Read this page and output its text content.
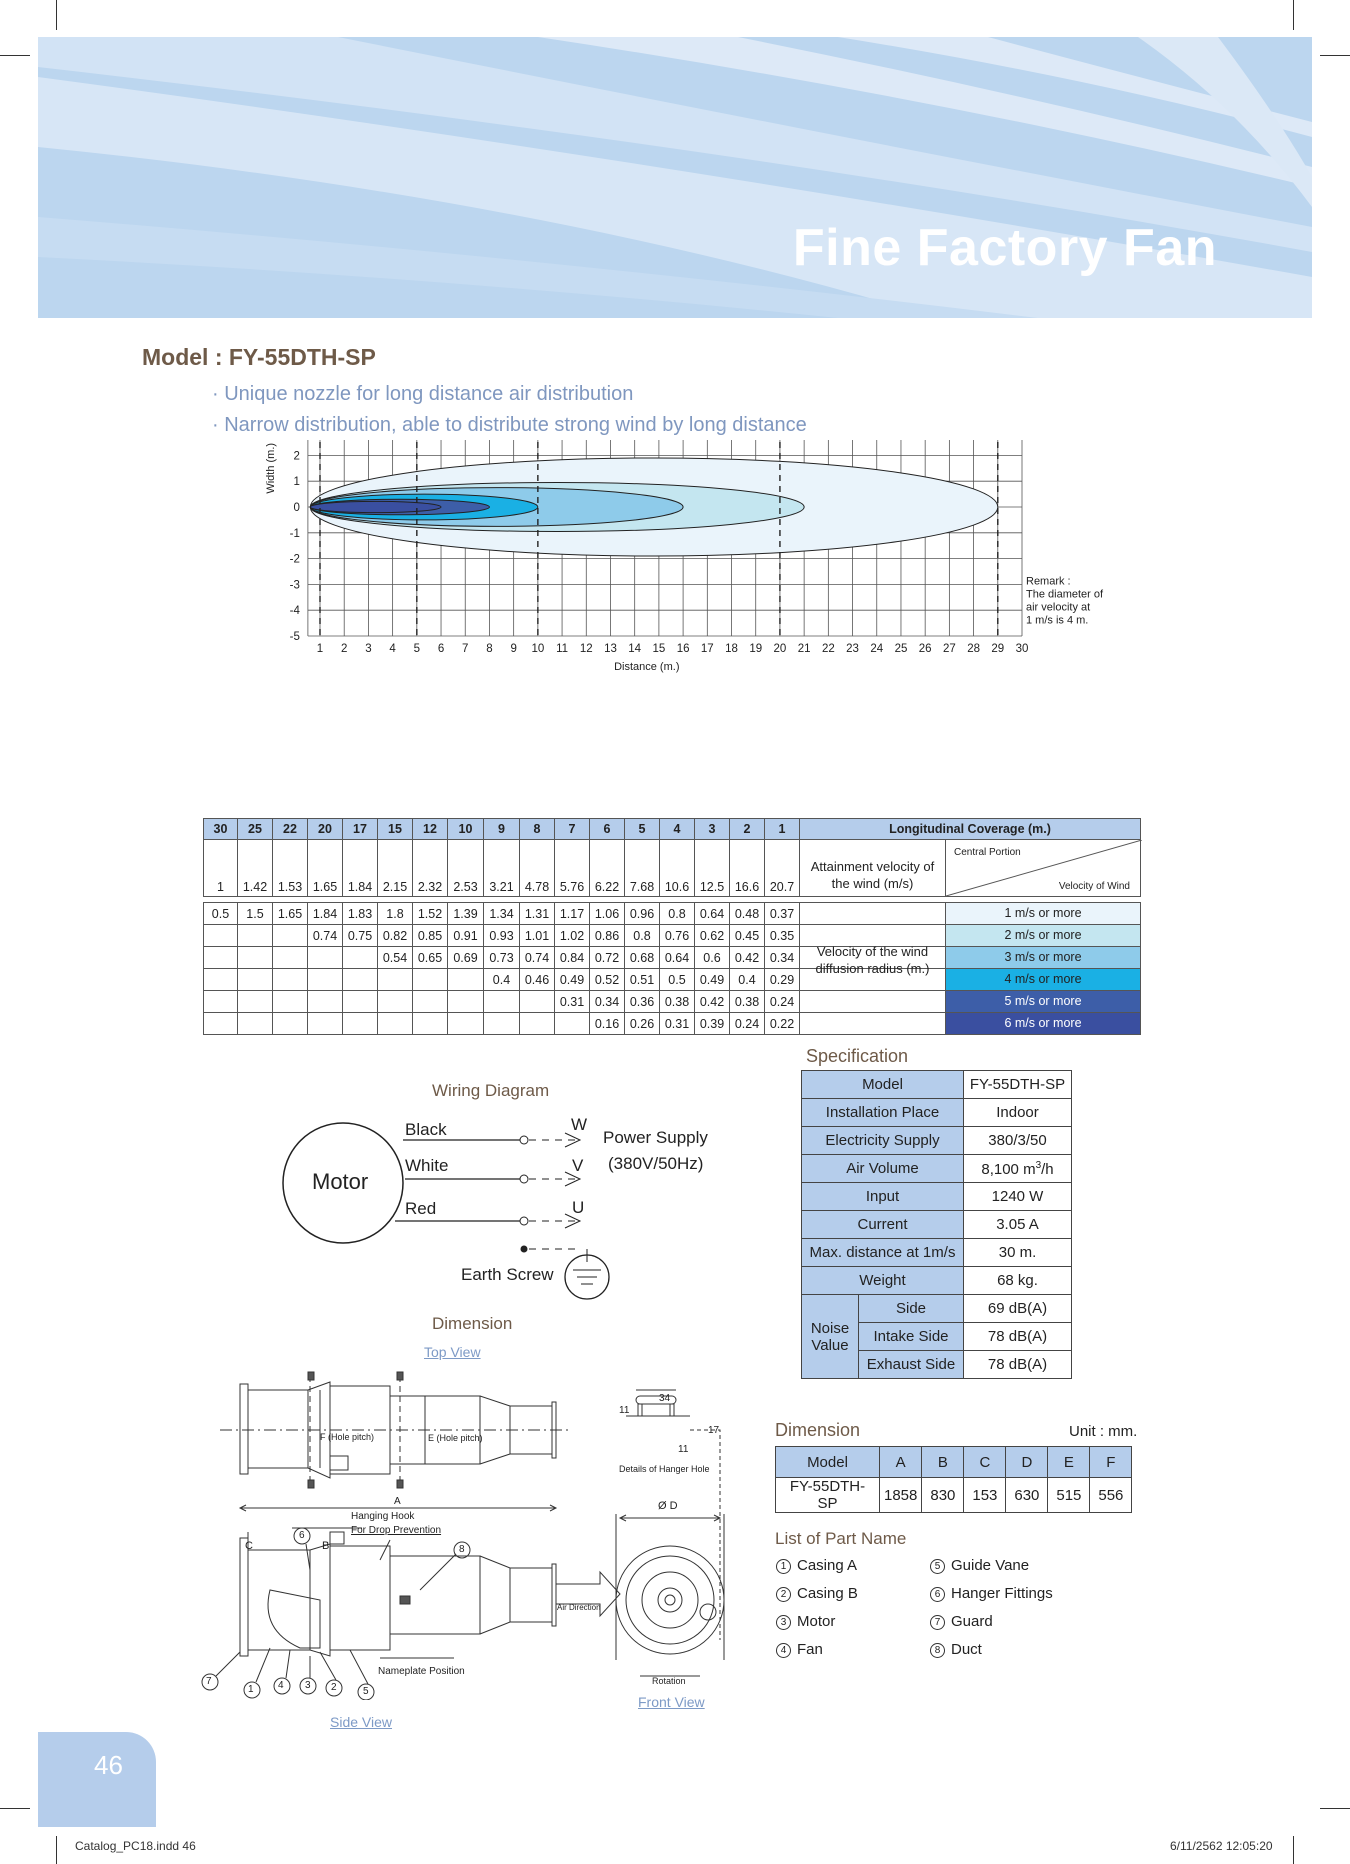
Fine Factory Fan
Model : FY-55DTH-SP
· Unique nozzle for long distance air distribution
· Narrow distribution, able to distribute strong wind by long distance
1 2 3 4 5 6 7 8 9 10 11 12 13 14 15 16 17 18 19 20 21 22 23 24 25 26 27 28 29 30
2
1
0
-1
-2
-3
-4
-5
Distance (m.)
Width (m.)
Remark :
The diameter of
air velocity at
1 m/s is 4 m.
30	25	22	20	17	15	12	10	9	8	7	6	5	4	3	2	1	Longitudinal Coverage (m.)
1	1.42	1.53	1.65	1.84	2.15	2.32	2.53	3.21	4.78	5.76	6.22	7.68	10.6	12.5	16.6	20.7	Attainment velocity of the wind (m/s)
Central Portion
Velocity of Wind

0.5	1.5	1.65	1.84	1.83	1.8	1.52	1.39	1.34	1.31	1.17	1.06	0.96	0.8	0.64	0.48	0.37	Velocity of the wind diffusion radius (m.)
1 m/s or more

			0.74	0.75	0.82	0.85	0.91	0.93	1.01	1.02	0.86	0.8	0.76	0.62	0.45	0.35	2 m/s or more

					0.54	0.65	0.69	0.73	0.74	0.84	0.72	0.68	0.64	0.6	0.42	0.34	3 m/s or more

								0.4	0.46	0.49	0.52	0.51	0.5	0.49	0.4	0.29	4 m/s or more

										0.31	0.34	0.36	0.38	0.42	0.38	0.24	5 m/s or more

											0.16	0.26	0.31	0.39	0.24	0.22	6 m/s or more
Specification
Model		FY-55DTH-SP
Installation Place		Indoor
Electricity Supply		380/3/50
Air Volume		8,100 $m^3/h$
Input		1240 W
Current		3.05 A
Max. distance at 1m/s		30 m.
Weight		68 kg.
Noise Value	Side	69 dB(A)
	Intake Side	78 dB(A)
	Exhaust Side	78 dB(A)
Wiring Diagram
Motor
Black
White
Red
W
V
U
Power Supply
(380V/50Hz)
Earth Screw
Dimension
Top View
Side View
Front View
F (Hole pitch)	E (Hole pitch)
A
Hanging Hook
For Drop Prevention
C	B
Nameplate Position
Air Direction
Details of Hanger Hole
34
11
11
17
Ø D
Rotation
7
1 4 3 2	5
6
8
Dimension	Unit : mm.
Model	A	B	C	D	E	F
FY-55DTH-SP	1858	830	153	630	515	556
List of Part Name
1 Casing A
2 Casing B
3 Motor
4 Fan
5 Guide Vane
6 Hanger Fittings
7 Guard
8 Duct
46
Catalog_PC18.indd 46	6/11/2562 12:05:20
